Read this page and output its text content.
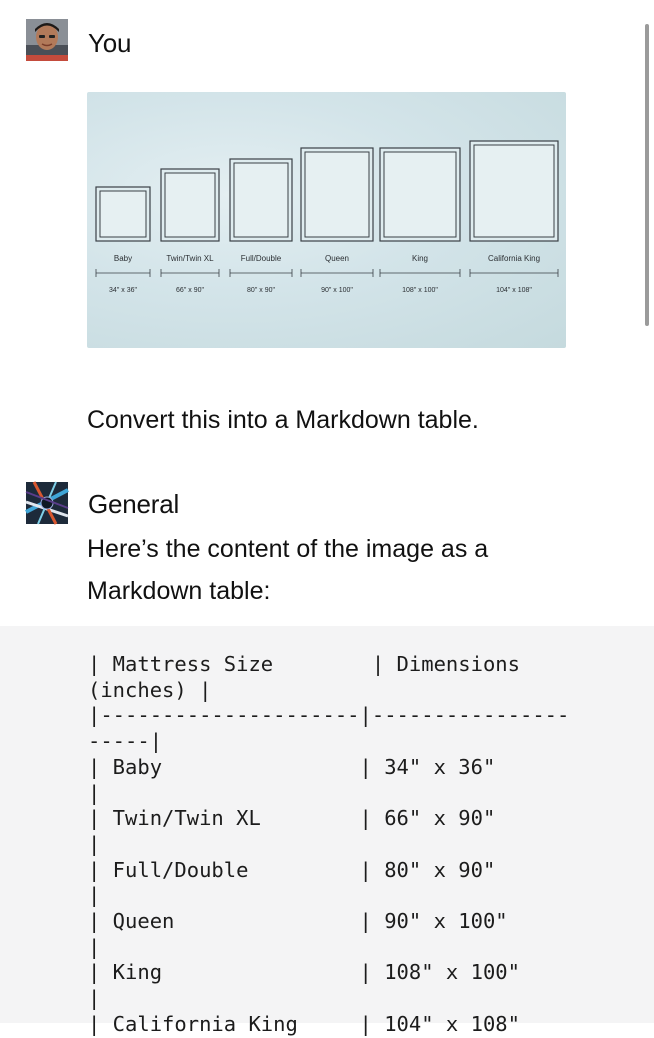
You
Baby
34" x 36"
Twin/Twin XL
66" x 90"
Full/Double
80" x 90"
Queen
90" x 100"
King
108" x 100"
California King
104" x 108"
Convert this into a Markdown table.
General
Here’s the content of the image as a Markdown table:
| Mattress Size        | Dimensions
(inches) |
|---------------------|----------------
-----|
| Baby                | 34" x 36"
|
| Twin/Twin XL        | 66" x 90"
|
| Full/Double         | 80" x 90"
|
| Queen               | 90" x 100"
|
| King                | 108" x 100"
|
| California King     | 104" x 108"
